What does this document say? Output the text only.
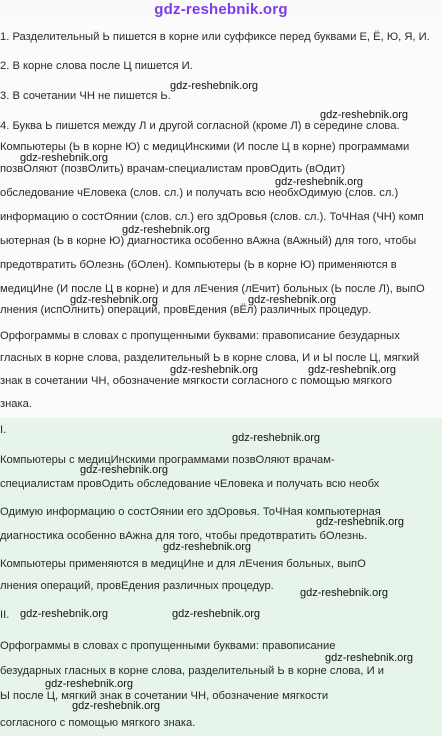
gdz-reshebnik.org
1. Разделительный Ь пишется в корне или суффиксе перед буквами Е, Ё, Ю, Я, И.
2. В корне слова после Ц пишется И.
3. В сочетании ЧН не пишется Ь.
4. Буква Ь пишется между Л и другой согласной (кроме Л) в середине слова.
Компьютеры (Ь в корне Ю) с медицИнскими (И после Ц в корне) программами
позвОляют (позвОлить) врачам-специалистам провОдить (вОдит)
обследование чЕловека (слов. сл.) и получать всю необхОдимую (слов. сл.)
информацию о состОянии (слов. сл.) его здОровья (слов. сл.). ТоЧНая (ЧН) комп
ьютерная (Ь в корне Ю) диагностика особенно вАжна (вАжный) для того, чтобы
предотвратить бОлезнь (бОлен). Компьютеры (Ь в корне Ю) применяются в
медицИне (И после Ц в корне) и для лЕчения (лЕчит) больных (Ь после Л), выпО
лнения (испОлнить) операций, провЕдения (вЁл) различных процедур.
Орфограммы в словах с пропущенными буквами: правописание безударных
гласных в корне слова, разделительный Ь в корне слова, И и Ы после Ц, мягкий
знак в сочетании ЧН, обозначение мягкости согласного с помощью мягкого
знака.
I.
Компьютеры с медицИнскими программами позвОляют врачам-
специалистам провОдить обследование чЕловека и получать всю необх
Одимую информацию о состОянии его здОровья. ТоЧНая компьютерная
диагностика особенно вАжна для того, чтобы предотвратить бОлезнь.
Компьютеры применяются в медицИне и для лЕчения больных, выпО
лнения операций, провЕдения различных процедур.
II.
Орфограммы в словах с пропущенными буквами: правописание
безударных гласных в корне слова, разделительный Ь в корне слова, И и
Ы после Ц, мягкий знак в сочетании ЧН, обозначение мягкости
согласного с помощью мягкого знака.
gdz-reshebnik.org
gdz-reshebnik.org
gdz-reshebnik.org
gdz-reshebnik.org
gdz-reshebnik.org
gdz-reshebnik.org	gdz-reshebnik.org
gdz-reshebnik.org	gdz-reshebnik.org
gdz-reshebnik.org
gdz-reshebnik.org
gdz-reshebnik.org
gdz-reshebnik.org
gdz-reshebnik.org
gdz-reshebnik.org	gdz-reshebnik.org
gdz-reshebnik.org
gdz-reshebnik.org
gdz-reshebnik.org
